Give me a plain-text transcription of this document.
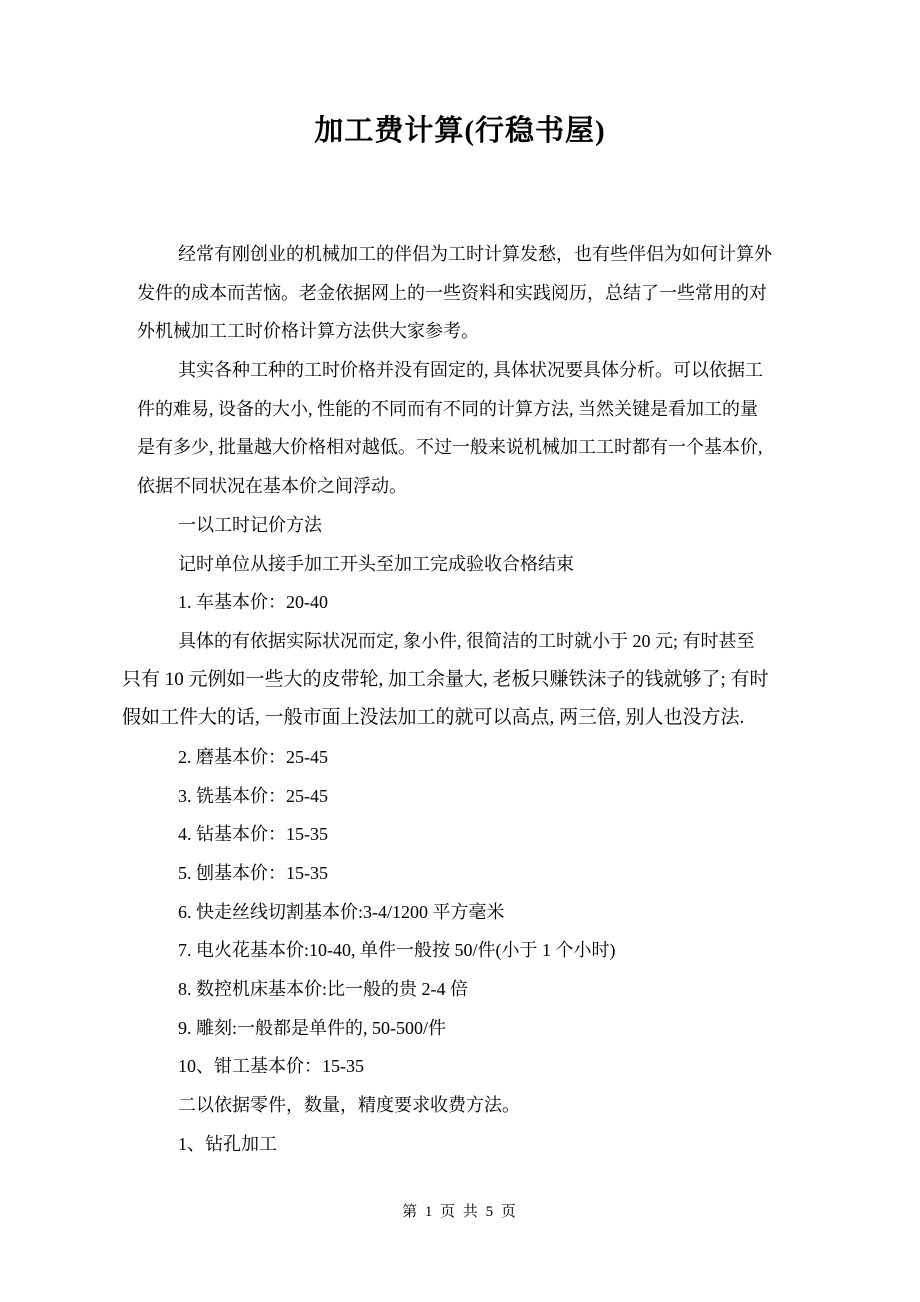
加工费计算(行稳书屋)
经常有刚创业的机械加工的伴侣为工时计算发愁，也有些伴侣为如何计算外
发件的成本而苦恼。老金依据网上的一些资料和实践阅历，总结了一些常用的对
外机械加工工时价格计算方法供大家参考。
其实各种工种的工时价格并没有固定的, 具体状况要具体分析。可以依据工
件的难易, 设备的大小, 性能的不同而有不同的计算方法, 当然关键是看加工的量
是有多少, 批量越大价格相对越低。不过一般来说机械加工工时都有一个基本价,
依据不同状况在基本价之间浮动。
一以工时记价方法
记时单位从接手加工开头至加工完成验收合格结束
1. 车基本价：20-40
具体的有依据实际状况而定, 象小件, 很简洁的工时就小于 20 元; 有时甚至
只有 10 元例如一些大的皮带轮, 加工余量大, 老板只赚铁沫子的钱就够了; 有时
假如工件大的话, 一般市面上没法加工的就可以高点, 两三倍, 别人也没方法.
2. 磨基本价：25-45
3. 铣基本价：25-45
4. 钻基本价：15-35
5. 刨基本价：15-35
6. 快走丝线切割基本价:3-4/1200 平方毫米
7. 电火花基本价:10-40, 单件一般按 50/件(小于 1 个小时)
8. 数控机床基本价:比一般的贵 2-4 倍
9. 雕刻:一般都是单件的, 50-500/件
10、钳工基本价：15-35
二以依据零件，数量，精度要求收费方法。
1、钻孔加工
第 1 页 共 5 页
